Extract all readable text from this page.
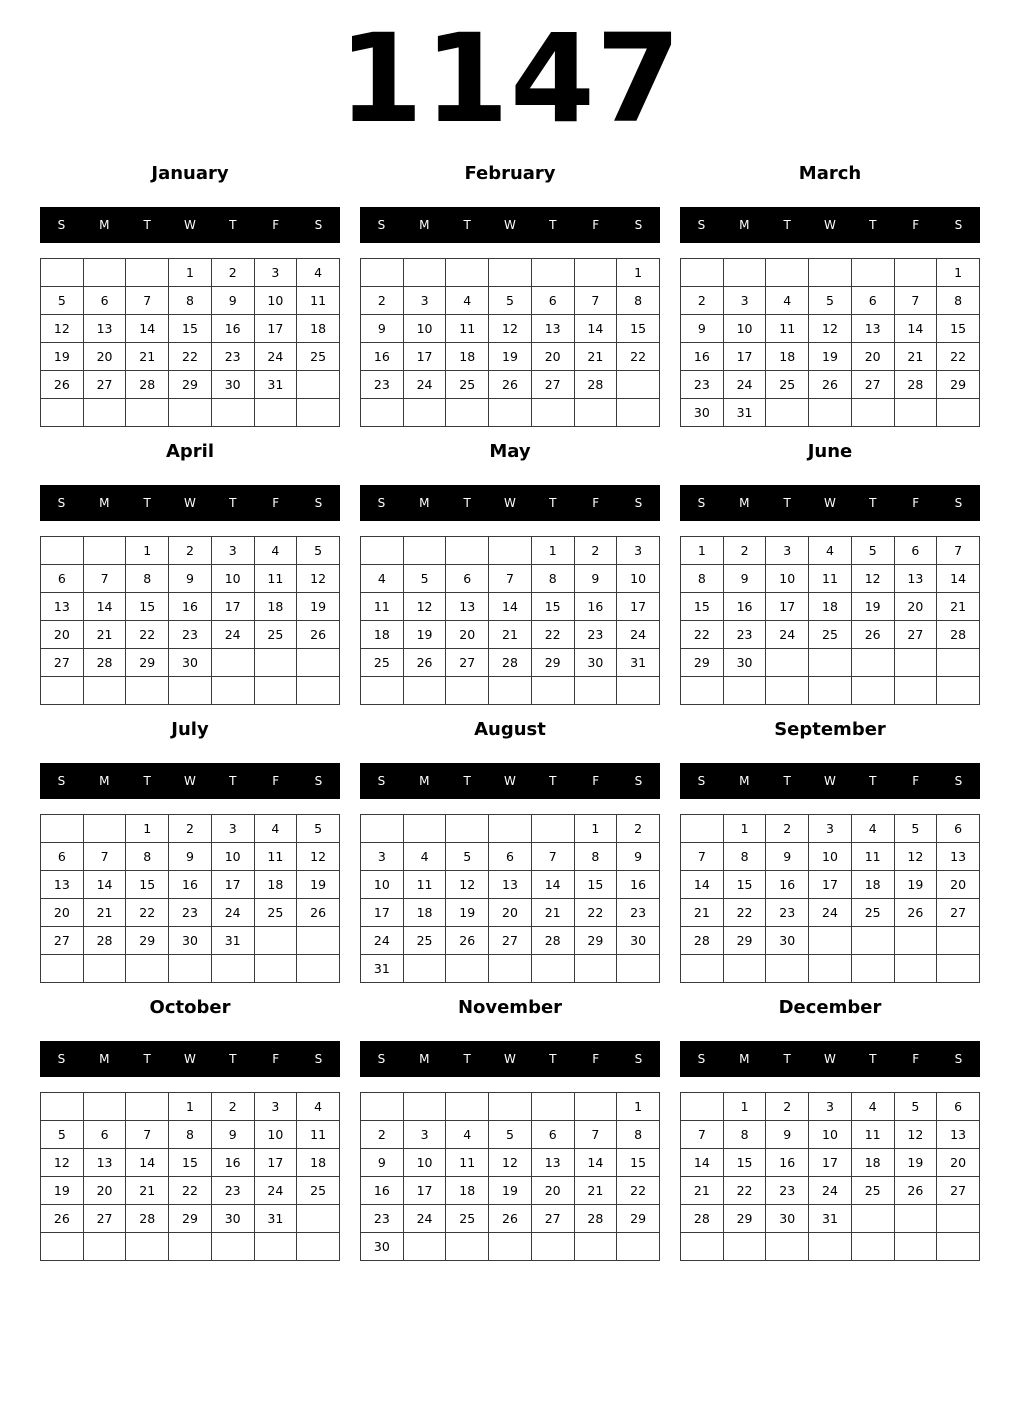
1147
January
S	M	T	W	T	F	S
			1	2	3	4
5	6	7	8	9	10	11
12	13	14	15	16	17	18
19	20	21	22	23	24	25
26	27	28	29	30	31	

February
S	M	T	W	T	F	S
						1
2	3	4	5	6	7	8
9	10	11	12	13	14	15
16	17	18	19	20	21	22
23	24	25	26	27	28	

March
S	M	T	W	T	F	S
						1
2	3	4	5	6	7	8
9	10	11	12	13	14	15
16	17	18	19	20	21	22
23	24	25	26	27	28	29
30	31					
April
S	M	T	W	T	F	S
		1	2	3	4	5
6	7	8	9	10	11	12
13	14	15	16	17	18	19
20	21	22	23	24	25	26
27	28	29	30			

May
S	M	T	W	T	F	S
				1	2	3
4	5	6	7	8	9	10
11	12	13	14	15	16	17
18	19	20	21	22	23	24
25	26	27	28	29	30	31

June
S	M	T	W	T	F	S
1	2	3	4	5	6	7
8	9	10	11	12	13	14
15	16	17	18	19	20	21
22	23	24	25	26	27	28
29	30					

July
S	M	T	W	T	F	S
		1	2	3	4	5
6	7	8	9	10	11	12
13	14	15	16	17	18	19
20	21	22	23	24	25	26
27	28	29	30	31		

August
S	M	T	W	T	F	S
					1	2
3	4	5	6	7	8	9
10	11	12	13	14	15	16
17	18	19	20	21	22	23
24	25	26	27	28	29	30
31						
September
S	M	T	W	T	F	S
	1	2	3	4	5	6
7	8	9	10	11	12	13
14	15	16	17	18	19	20
21	22	23	24	25	26	27
28	29	30				

October
S	M	T	W	T	F	S
			1	2	3	4
5	6	7	8	9	10	11
12	13	14	15	16	17	18
19	20	21	22	23	24	25
26	27	28	29	30	31	

November
S	M	T	W	T	F	S
						1
2	3	4	5	6	7	8
9	10	11	12	13	14	15
16	17	18	19	20	21	22
23	24	25	26	27	28	29
30						
December
S	M	T	W	T	F	S
	1	2	3	4	5	6
7	8	9	10	11	12	13
14	15	16	17	18	19	20
21	22	23	24	25	26	27
28	29	30	31			
